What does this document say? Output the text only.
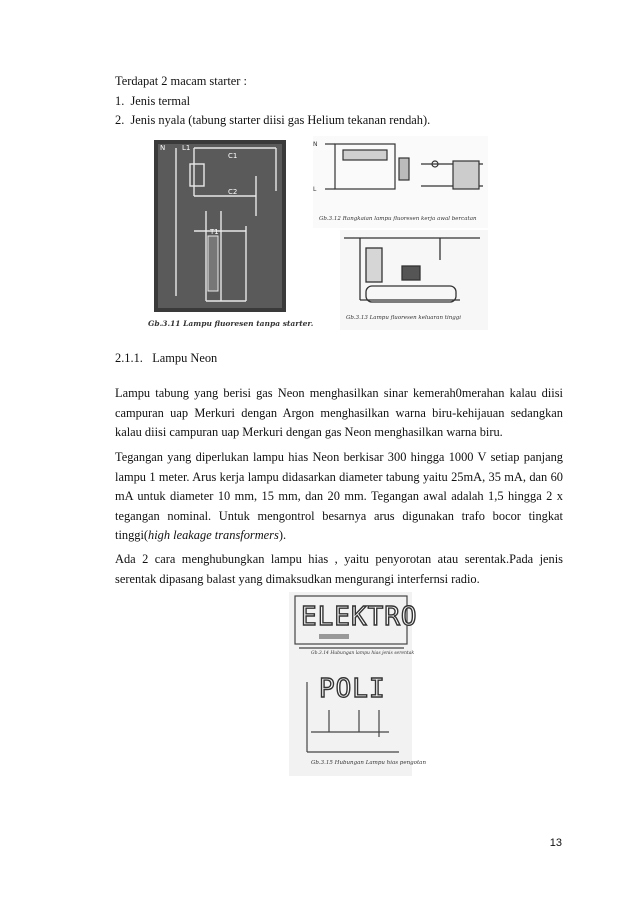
Terdapat 2 macam starter :
1.  Jenis termal
2.  Jenis nyala (tabung starter diisi gas Helium tekanan rendah).
N L1
C1
C2
T1
Gb.3.11 Lampu fluoresen tanpa starter.
N
L
Gb.3.12 Rangkaian lampu fluoresen kerja awal bercatan
Gb.3.13 Lampu fluoresen keluaran tinggi
2.1.1. Lampu Neon
Lampu tabung yang berisi gas Neon menghasilkan sinar kemerah0merahan kalau diisi campuran uap Merkuri dengan Argon menghasilkan warna biru-kehijauan sedangkan kalau diisi campuran uap Merkuri dengan gas Neon menghasilkan warna biru.
Tegangan yang diperlukan lampu hias Neon berkisar 300 hingga 1000 V setiap panjang lampu 1 meter. Arus kerja lampu didasarkan diameter tabung yaitu 25mA, 35 mA, dan 60 mA untuk diameter 10 mm, 15 mm, dan 20 mm. Tegangan awal adalah 1,5 hingga 2 x tegangan nominal. Untuk mengontrol besarnya arus digunakan trafo bocor tingkat tinggi(high leakage transformers).
Ada 2 cara menghubungkan lampu hias , yaitu penyorotan atau serentak.Pada jenis serentak dipasang balast yang dimaksudkan mengurangi interfernsi radio.
ELEKTRO
Gb.3.14 Hubungan lampu hias jenis serentak
POLI
Gb.3.15 Hubungan Lampu hias pengotan
13
